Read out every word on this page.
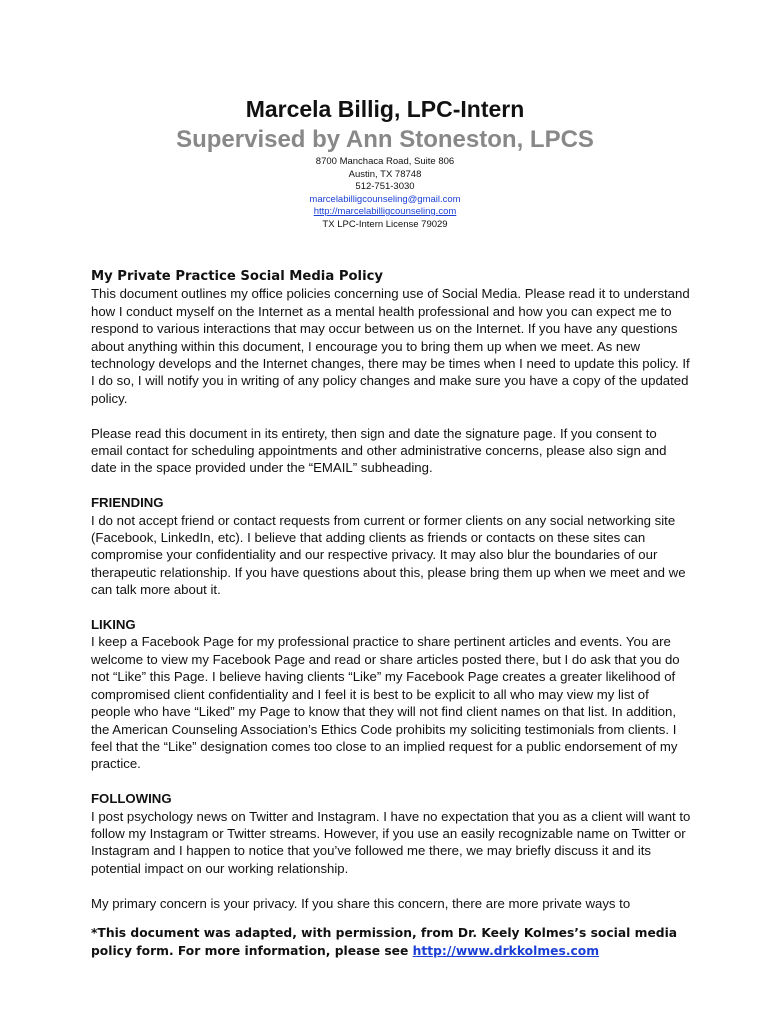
Marcela Billig, LPC-Intern

Supervised by Ann Stoneston, LPCS

8700 Manchaca Road, Suite 806

Austin, TX 78748

512-751-3030

marcelabilligcounseling@gmail.com

http://marcelabilligcounseling.com

TX LPC-Intern License 79029

My Private Practice Social Media Policy

This document outlines my office policies concerning use of Social Media. Please read it to understand how I conduct myself on the Internet as a mental health professional and how you can expect me to respond to various interactions that may occur between us on the Internet. If you have any questions about anything within this document, I encourage you to bring them up when we meet. As new technology develops and the Internet changes, there may be times when I need to update this policy. If I do so, I will notify you in writing of any policy changes and make sure you have a copy of the updated policy.

Please read this document in its entirety, then sign and date the signature page. If you consent to email contact for scheduling appointments and other administrative concerns, please also sign and date in the space provided under the “EMAIL” subheading.

FRIENDING

I do not accept friend or contact requests from current or former clients on any social networking site (Facebook, LinkedIn, etc). I believe that adding clients as friends or contacts on these sites can compromise your confidentiality and our respective privacy. It may also blur the boundaries of our therapeutic relationship. If you have questions about this, please bring them up when we meet and we can talk more about it.

LIKING

I keep a Facebook Page for my professional practice to share pertinent articles and events. You are welcome to view my Facebook Page and read or share articles posted there, but I do ask that you do not “Like” this Page. I believe having clients “Like” my Facebook Page creates a greater likelihood of compromised client confidentiality and I feel it is best to be explicit to all who may view my list of people who have “Liked” my Page to know that they will not find client names on that list. In addition, the American Counseling Association’s Ethics Code prohibits my soliciting testimonials from clients. I feel that the “Like” designation comes too close to an implied request for a public endorsement of my practice.

FOLLOWING

I post psychology news on Twitter and Instagram. I have no expectation that you as a client will want to follow my Instagram or Twitter streams. However, if you use an easily recognizable name on Twitter or Instagram and I happen to notice that you’ve followed me there, we may briefly discuss it and its potential impact on our working relationship.

My primary concern is your privacy. If you share this concern, there are more private ways to

*This document was adapted, with permission, from Dr. Keely Kolmes’s social media policy form. For more information, please see http://www.drkkolmes.com
